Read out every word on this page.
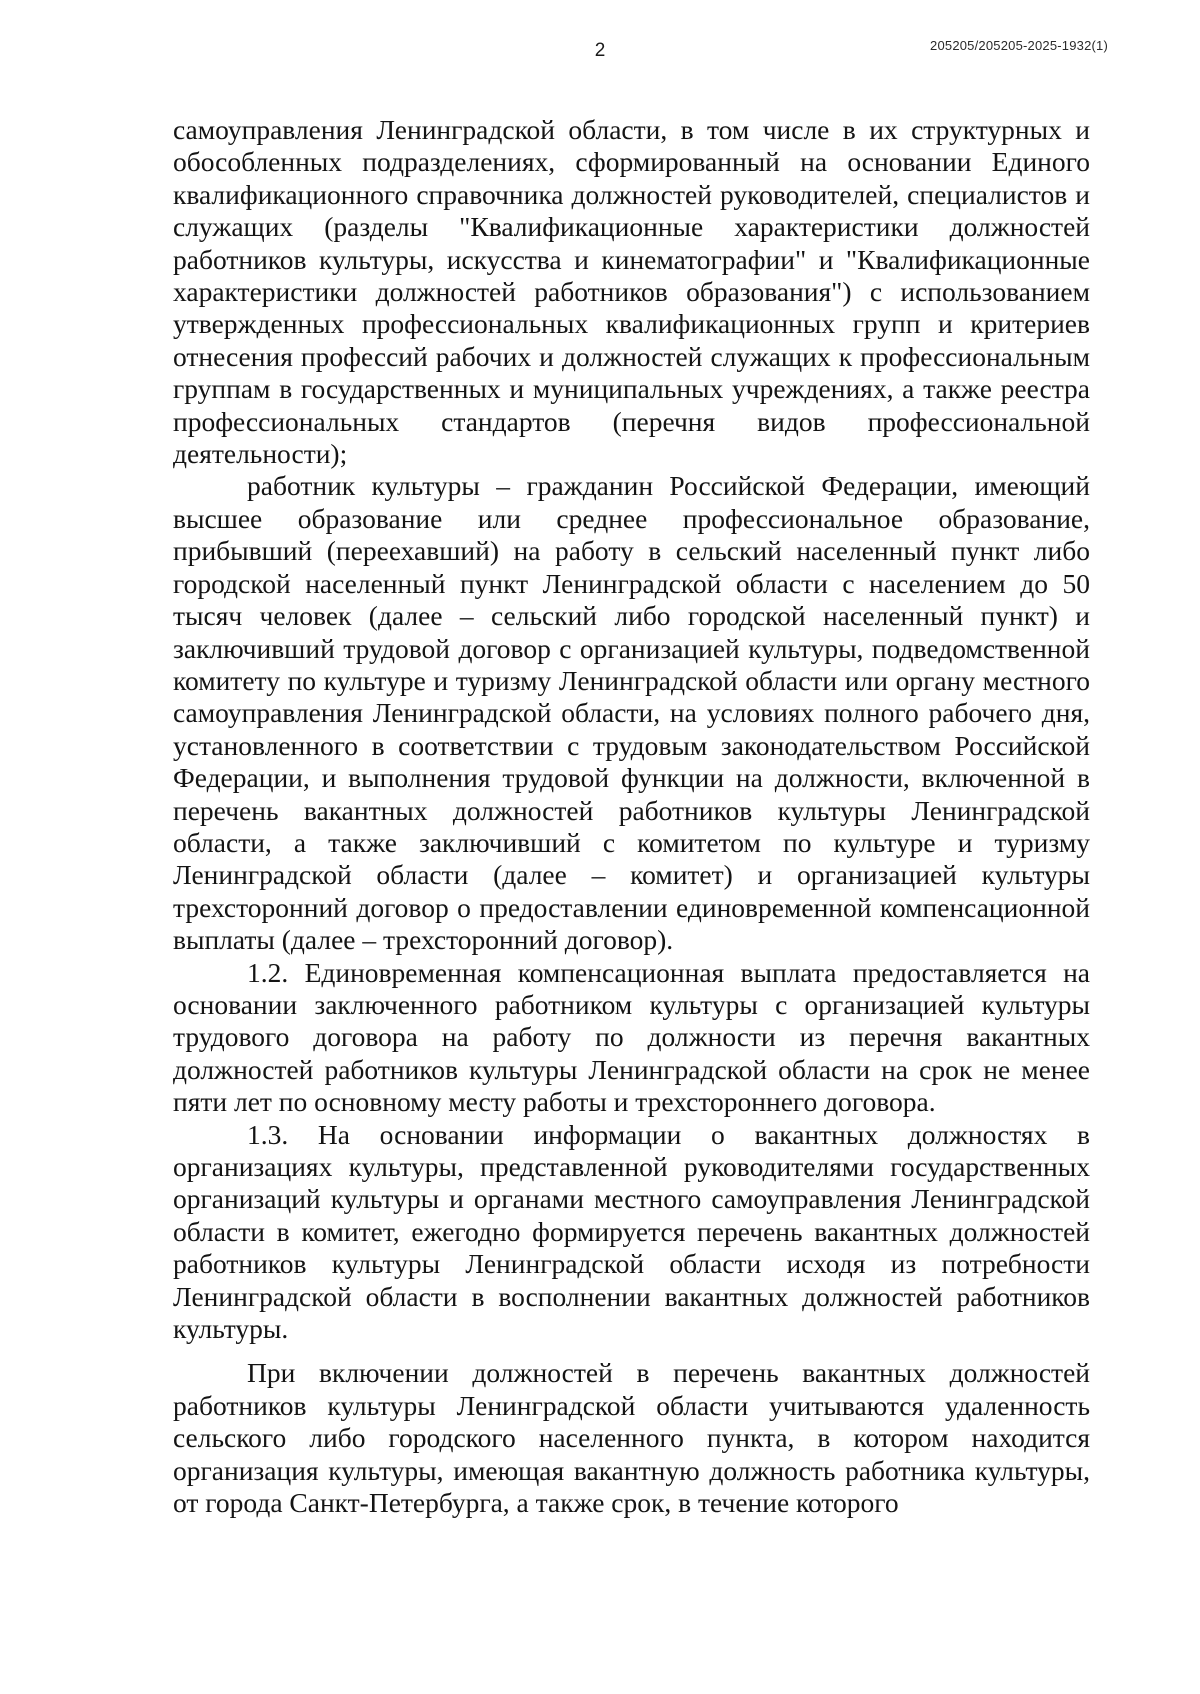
2	205205/205205-2025-1932(1)

самоуправления Ленинградской области, в том числе в их структурных и обособленных подразделениях, сформированный на основании Единого квалификационного справочника должностей руководителей, специалистов и служащих (разделы "Квалификационные характеристики должностей работников культуры, искусства и кинематографии" и "Квалификационные характеристики должностей работников образования") с использованием утвержденных профессиональных квалификационных групп и критериев отнесения профессий рабочих и должностей служащих к профессиональным группам в государственных и муниципальных учреждениях, а также реестра профессиональных стандартов (перечня видов профессиональной деятельности);

работник культуры – гражданин Российской Федерации, имеющий высшее образование или среднее профессиональное образование, прибывший (переехавший) на работу в сельский населенный пункт либо городской населенный пункт Ленинградской области с населением до 50 тысяч человек (далее – сельский либо городской населенный пункт) и заключивший трудовой договор с организацией культуры, подведомственной комитету по культуре и туризму Ленинградской области или органу местного самоуправления Ленинградской области, на условиях полного рабочего дня, установленного в соответствии с трудовым законодательством Российской Федерации, и выполнения трудовой функции на должности, включенной в перечень вакантных должностей работников культуры Ленинградской области, а также заключивший с комитетом по культуре и туризму Ленинградской области (далее – комитет) и организацией культуры трехсторонний договор о предоставлении единовременной компенсационной выплаты (далее – трехсторонний договор).

1.2. Единовременная компенсационная выплата предоставляется на основании заключенного работником культуры с организацией культуры трудового договора на работу по должности из перечня вакантных должностей работников культуры Ленинградской области на срок не менее пяти лет по основному месту работы и трехстороннего договора.

1.3. На основании информации о вакантных должностях в организациях культуры, представленной руководителями государственных организаций культуры и органами местного самоуправления Ленинградской области в комитет, ежегодно формируется перечень вакантных должностей работников культуры Ленинградской области исходя из потребности Ленинградской области в восполнении вакантных должностей работников культуры.

При включении должностей в перечень вакантных должностей работников культуры Ленинградской области учитываются удаленность сельского либо городского населенного пункта, в котором находится организация культуры, имеющая вакантную должность работника культуры, от города Санкт-Петербурга, а также срок, в течение которого
